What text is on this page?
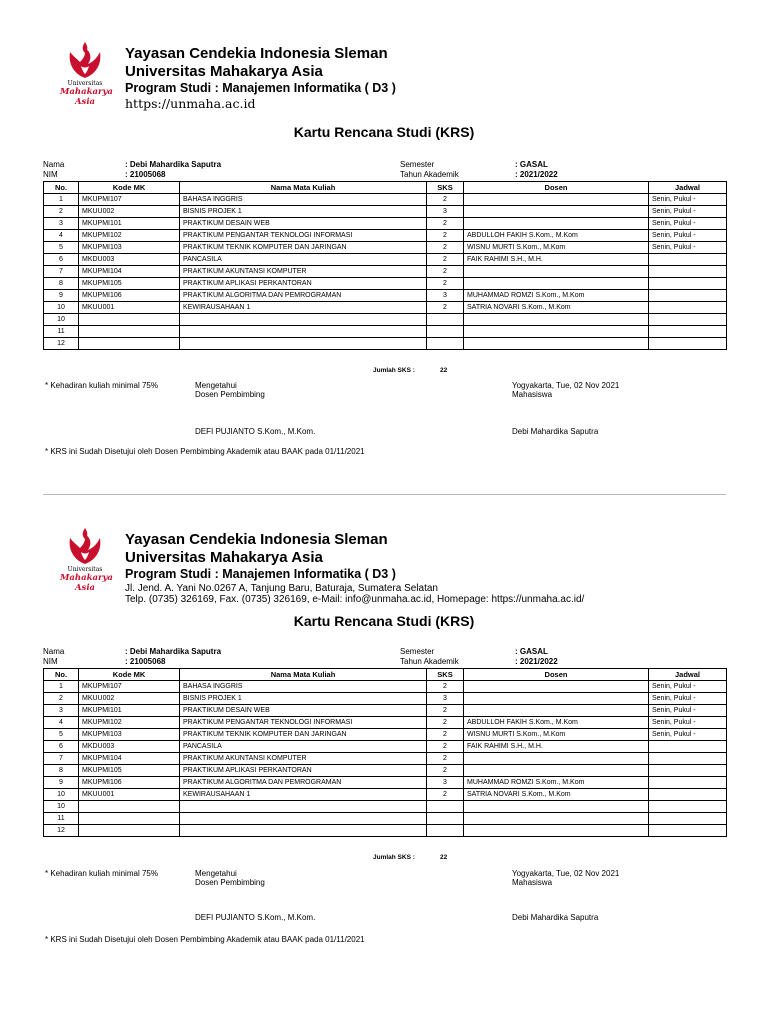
Universitas
Mahakarya
Asia
Yayasan Cendekia Indonesia Sleman
Universitas Mahakarya Asia
Program Studi : Manajemen Informatika ( D3 )
https://unmaha.ac.id
Kartu Rencana Studi (KRS)
Nama	: Debi Mahardika Saputra
NIM	: 21005068
Semester	: GASAL
Tahun Akademik	: 2021/2022
No.	Kode MK	Nama Mata Kuliah	SKS	Dosen	Jadwal
1	MKUPMI107	BAHASA INGGRIS	2		Senin, Pukul -
2	MKUU002	BISNIS PROJEK 1	3		Senin, Pukul -
3	MKUPMI101	PRAKTIKUM DESAIN WEB	2		Senin, Pukul -
4	MKUPMI102	PRAKTIKUM PENGANTAR TEKNOLOGI INFORMASI	2	ABDULLOH FAKIH S.Kom., M.Kom	Senin, Pukul -
5	MKUPMI103	PRAKTIKUM TEKNIK KOMPUTER DAN JARINGAN	2	WISNU MURTI S.Kom., M.Kom	Senin, Pukul -
6	MKDU003	PANCASILA	2	FAIK RAHIMI S.H., M.H.	
7	MKUPMI104	PRAKTIKUM AKUNTANSI KOMPUTER	2		
8	MKUPMI105	PRAKTIKUM APLIKASI PERKANTORAN	2		
9	MKUPMI106	PRAKTIKUM ALGORITMA DAN PEMROGRAMAN	3	MUHAMMAD ROMZI S.Kom., M.Kom	
10	MKUU001	KEWIRAUSAHAAN 1	2	SATRIA NOVARI S.Kom., M.Kom	
10					
11					
12					
Jumlah SKS :	22
* Kehadiran kuliah minimal 75%	Mengetahui
Dosen Pembimbing
Yogyakarta, Tue, 02 Nov 2021
Mahasiswa
DEFI PUJIANTO S.Kom., M.Kom.	Debi Mahardika Saputra
* KRS ini Sudah Disetujui oleh Dosen Pembimbing Akademik atau BAAK pada 01/11/2021
Universitas
Mahakarya
Asia
Yayasan Cendekia Indonesia Sleman
Universitas Mahakarya Asia
Program Studi : Manajemen Informatika ( D3 )
Jl. Jend. A. Yani No.0267 A, Tanjung Baru, Baturaja, Sumatera Selatan
Telp. (0735) 326169, Fax. (0735) 326169, e-Mail: info@unmaha.ac.id, Homepage: https://unmaha.ac.id/
Kartu Rencana Studi (KRS)
Nama	: Debi Mahardika Saputra
NIM	: 21005068
Semester	: GASAL
Tahun Akademik	: 2021/2022
No.	Kode MK	Nama Mata Kuliah	SKS	Dosen	Jadwal
1	MKUPMI107	BAHASA INGGRIS	2		Senin, Pukul -
2	MKUU002	BISNIS PROJEK 1	3		Senin, Pukul -
3	MKUPMI101	PRAKTIKUM DESAIN WEB	2		Senin, Pukul -
4	MKUPMI102	PRAKTIKUM PENGANTAR TEKNOLOGI INFORMASI	2	ABDULLOH FAKIH S.Kom., M.Kom	Senin, Pukul -
5	MKUPMI103	PRAKTIKUM TEKNIK KOMPUTER DAN JARINGAN	2	WISNU MURTI S.Kom., M.Kom	Senin, Pukul -
6	MKDU003	PANCASILA	2	FAIK RAHIMI S.H., M.H.	
7	MKUPMI104	PRAKTIKUM AKUNTANSI KOMPUTER	2		
8	MKUPMI105	PRAKTIKUM APLIKASI PERKANTORAN	2		
9	MKUPMI106	PRAKTIKUM ALGORITMA DAN PEMROGRAMAN	3	MUHAMMAD ROMZI S.Kom., M.Kom	
10	MKUU001	KEWIRAUSAHAAN 1	2	SATRIA NOVARI S.Kom., M.Kom	
10					
11					
12					
Jumlah SKS :	22
* Kehadiran kuliah minimal 75%	Mengetahui
Dosen Pembimbing
Yogyakarta, Tue, 02 Nov 2021
Mahasiswa
DEFI PUJIANTO S.Kom., M.Kom.	Debi Mahardika Saputra
* KRS ini Sudah Disetujui oleh Dosen Pembimbing Akademik atau BAAK pada 01/11/2021
